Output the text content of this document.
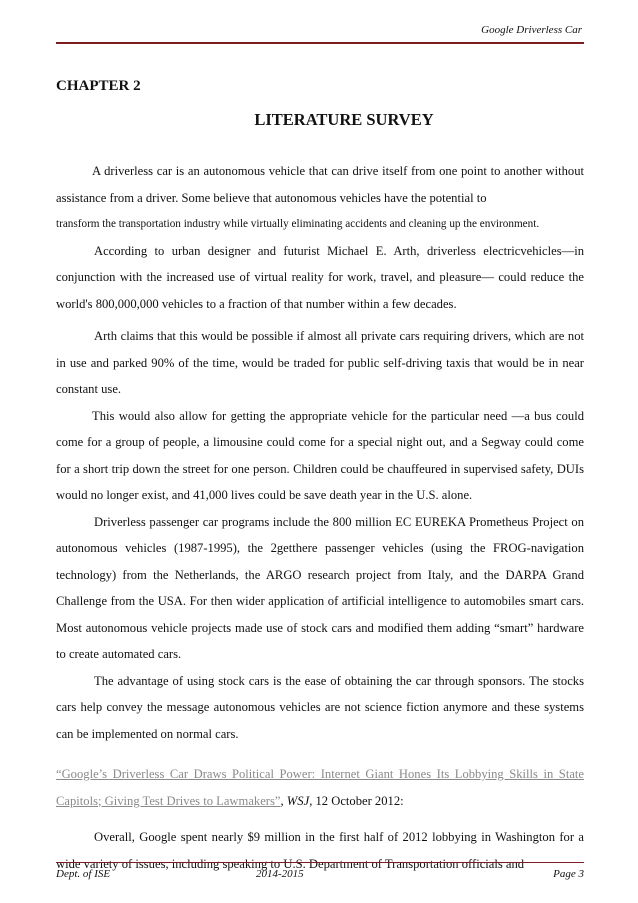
Google Driverless Car
CHAPTER 2
LITERATURE SURVEY

A driverless car is an autonomous vehicle that can drive itself from one point to another without assistance from a driver. Some believe that autonomous vehicles have the potential to

transform the transportation industry while virtually eliminating accidents and cleaning up the environment.

According to urban designer and futurist Michael E. Arth, driverless electricvehicles—in conjunction with the increased use of virtual reality for work, travel, and pleasure— could reduce the world's 800,000,000 vehicles to a fraction of that number within a few decades.

Arth claims that this would be possible if almost all private cars requiring drivers, which are not in use and parked 90% of the time, would be traded for public self-driving taxis that would be in near constant use.

This would also allow for getting the appropriate vehicle for the particular need —a bus could come for a group of people, a limousine could come for a special night out, and a Segway could come for a short trip down the street for one person. Children could be chauffeured in supervised safety, DUIs would no longer exist, and 41,000 lives could be save death year in the U.S. alone.

Driverless passenger car programs include the 800 million EC EUREKA Prometheus Project on autonomous vehicles (1987-1995), the 2getthere passenger vehicles (using the FROG-navigation technology) from the Netherlands, the ARGO research project from Italy, and the DARPA Grand Challenge from the USA. For then wider application of artificial intelligence to automobiles smart cars. Most autonomous vehicle projects made use of stock cars and modified them adding “smart” hardware to create automated cars.

The advantage of using stock cars is the ease of obtaining the car through sponsors. The stocks cars help convey the message autonomous vehicles are not science fiction anymore and these systems can be implemented on normal cars.

“Google’s Driverless Car Draws Political Power: Internet Giant Hones Its Lobbying Skills in State Capitols; Giving Test Drives to Lawmakers”, WSJ, 12 October 2012:

Overall, Google spent nearly $9 million in the first half of 2012 lobbying in Washington for a wide variety of issues, including speaking to U.S. Department of Transportation officials and

Dept. of ISE	2014-2015	Page 3
